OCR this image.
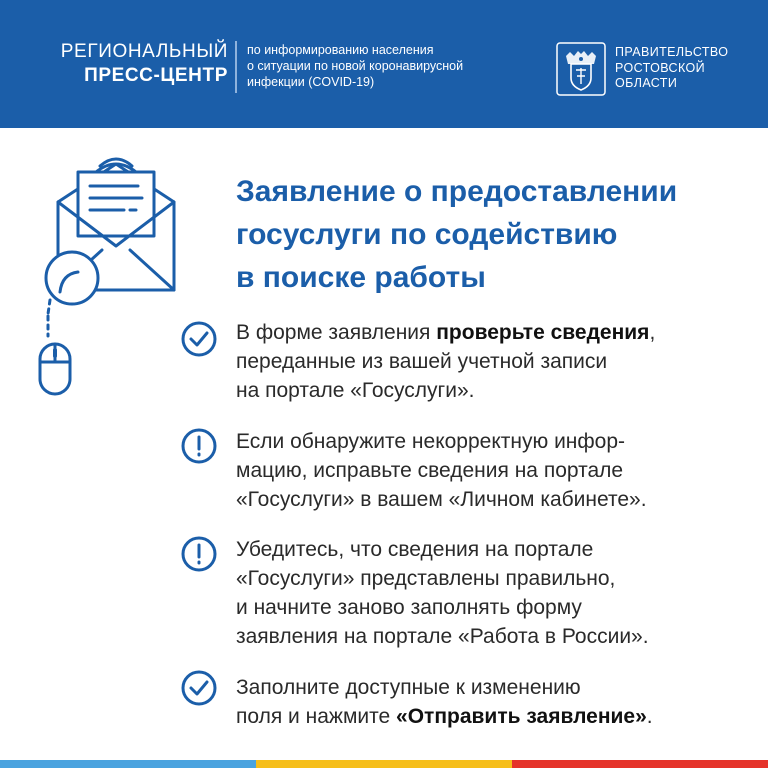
РЕГИОНАЛЬНЫЙ
ПРЕСС-ЦЕНТР
по информированию населения
о ситуации по новой коронавирусной
инфекции (COVID-19)
ПРАВИТЕЛЬСТВО
РОСТОВСКОЙ
ОБЛАСТИ
Заявление о предоставлении
госуслуги по содействию
в поиске работы
В форме заявления проверьте сведения,
переданные из вашей учетной записи
на портале «Госуслуги».
Если обнаружите некорректную инфор-
мацию, исправьте сведения на портале
«Госуслуги» в вашем «Личном кабинете».
Убедитесь, что сведения на портале
«Госуслуги» представлены правильно,
и начните заново заполнять форму
заявления на портале «Работа в России».
Заполните доступные к изменению
поля и нажмите «Отправить заявление».
